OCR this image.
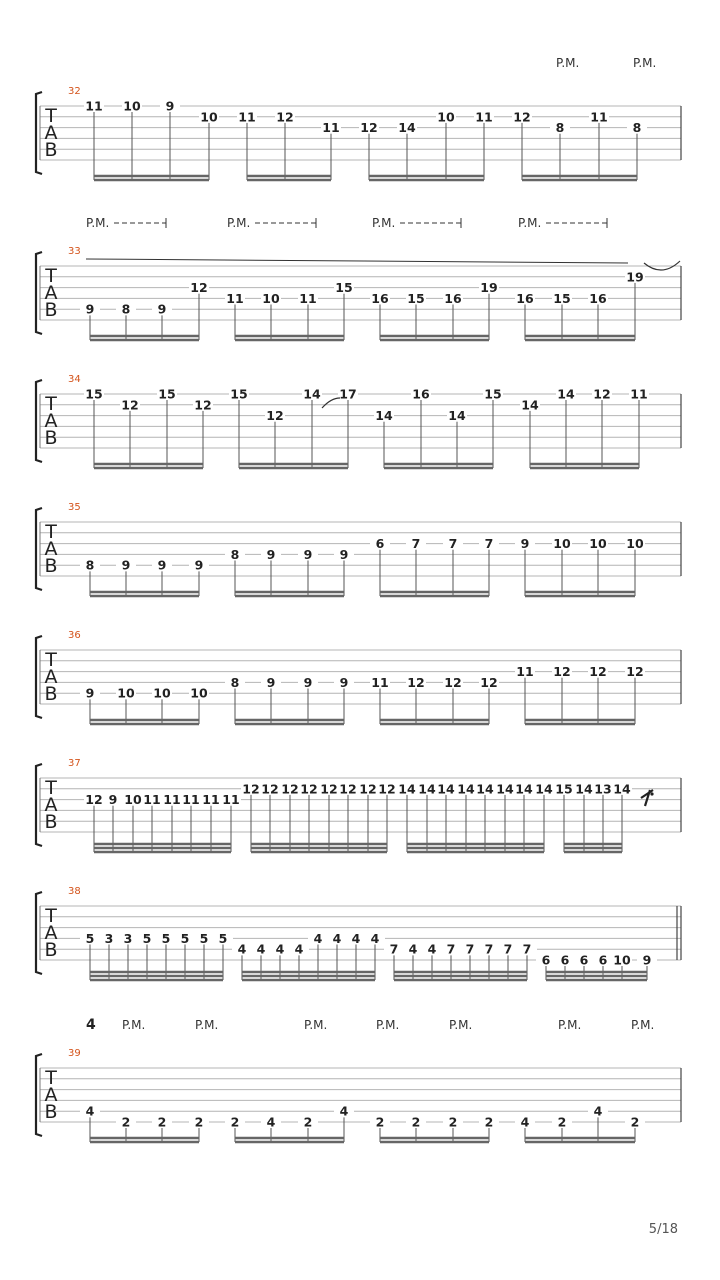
T
A
B
32
P.M.	P.M.
11 10 9
10 11 12
11 12 14
10 11 12
8
11
8
T
A
B
33
P.M.	P.M.	P.M.	P.M.
9 8 9
12
11 10 11
15
16 15 16
19
16 15 16
19
T
A
B
34
15
12
15
12
15
12
14 17
14
16
14
15
14
14 12 11
T
A
B
35
8 9 9 9
8 9 9 9
6 7 7 7 9 10 10 10
T
A
B
36
9 10 10 10
8 9 9 9 11 12 12 12
11 12 12 12
T
A
B
37
12 9 10 11 11 11 11 11
12 12 12 12 12 12 12 12 14 14 14 14 14 14 14 14 15 14 13 14
T
A
B
38
5 3 3 5 5 5 5 5
4 4 4 4
4 4 4 4
7 4 4 7 7 7 7 7
6 6 6 6 10 9
T
A
B
39
P.M.	P.M.	P.M.	P.M.	P.M.	P.M.	P.M.
4
4
2 2 2 2 4 2
4
2 2 2 2 4 2
4
2
5/18
